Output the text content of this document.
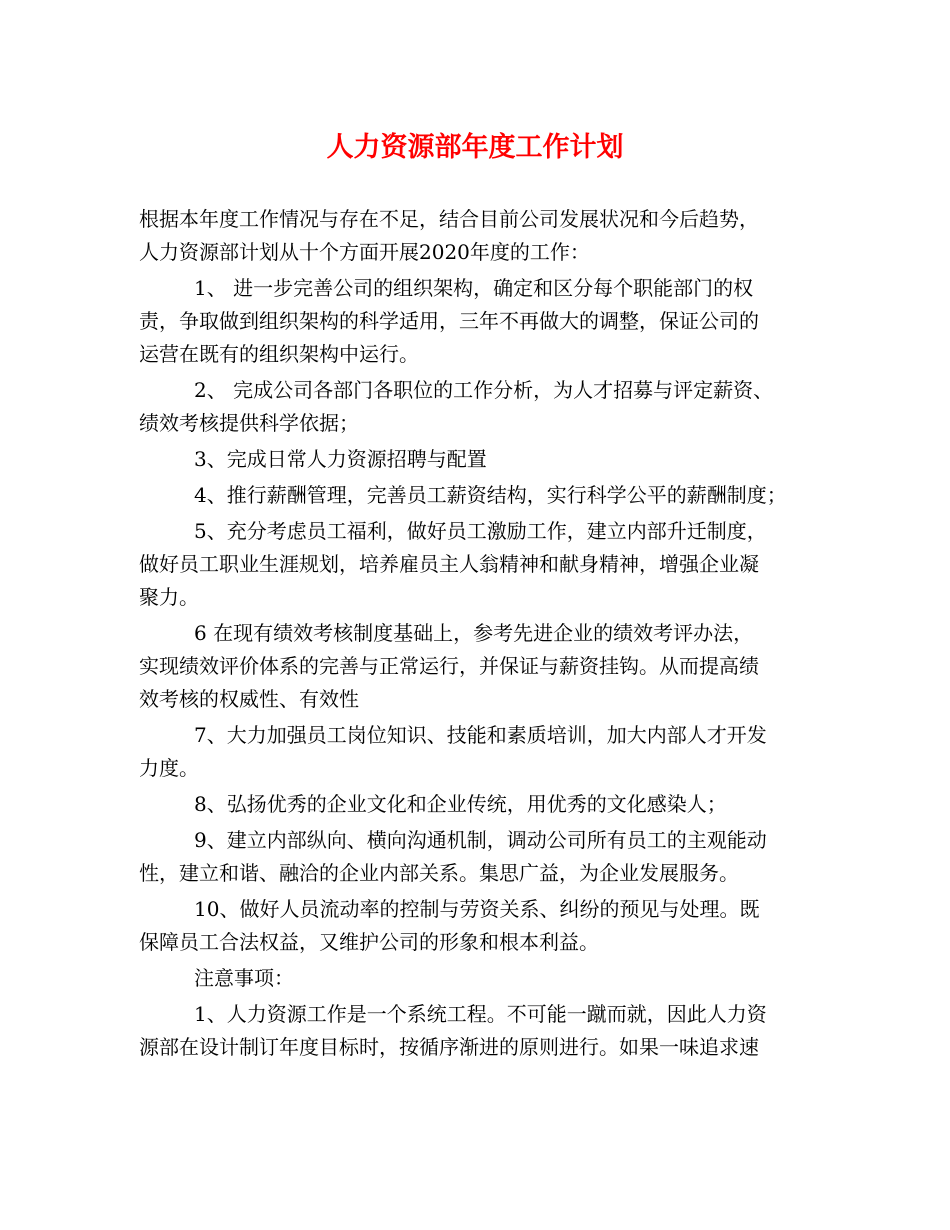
人力资源部年度工作计划

根据本年度工作情况与存在不足，结合目前公司发展状况和今后趋势，
人力资源部计划从十个方面开展2020年度的工作：

1、 进一步完善公司的组织架构，确定和区分每个职能部门的权
责，争取做到组织架构的科学适用，三年不再做大的调整，保证公司的
运营在既有的组织架构中运行。

2、 完成公司各部门各职位的工作分析，为人才招募与评定薪资、
绩效考核提供科学依据；

3、完成日常人力资源招聘与配置

4、推行薪酬管理，完善员工薪资结构，实行科学公平的薪酬制度；

5、充分考虑员工福利，做好员工激励工作，建立内部升迁制度，
做好员工职业生涯规划，培养雇员主人翁精神和献身精神，增强企业凝
聚力。

6 在现有绩效考核制度基础上，参考先进企业的绩效考评办法，
实现绩效评价体系的完善与正常运行，并保证与薪资挂钩。从而提高绩
效考核的权威性、有效性

7、大力加强员工岗位知识、技能和素质培训，加大内部人才开发
力度。

8、弘扬优秀的企业文化和企业传统，用优秀的文化感染人；

9、建立内部纵向、横向沟通机制，调动公司所有员工的主观能动
性，建立和谐、融洽的企业内部关系。集思广益，为企业发展服务。

10、做好人员流动率的控制与劳资关系、纠纷的预见与处理。既
保障员工合法权益，又维护公司的形象和根本利益。

注意事项：

1、人力资源工作是一个系统工程。不可能一蹴而就，因此人力资
源部在设计制订年度目标时，按循序渐进的原则进行。如果一味追求速
